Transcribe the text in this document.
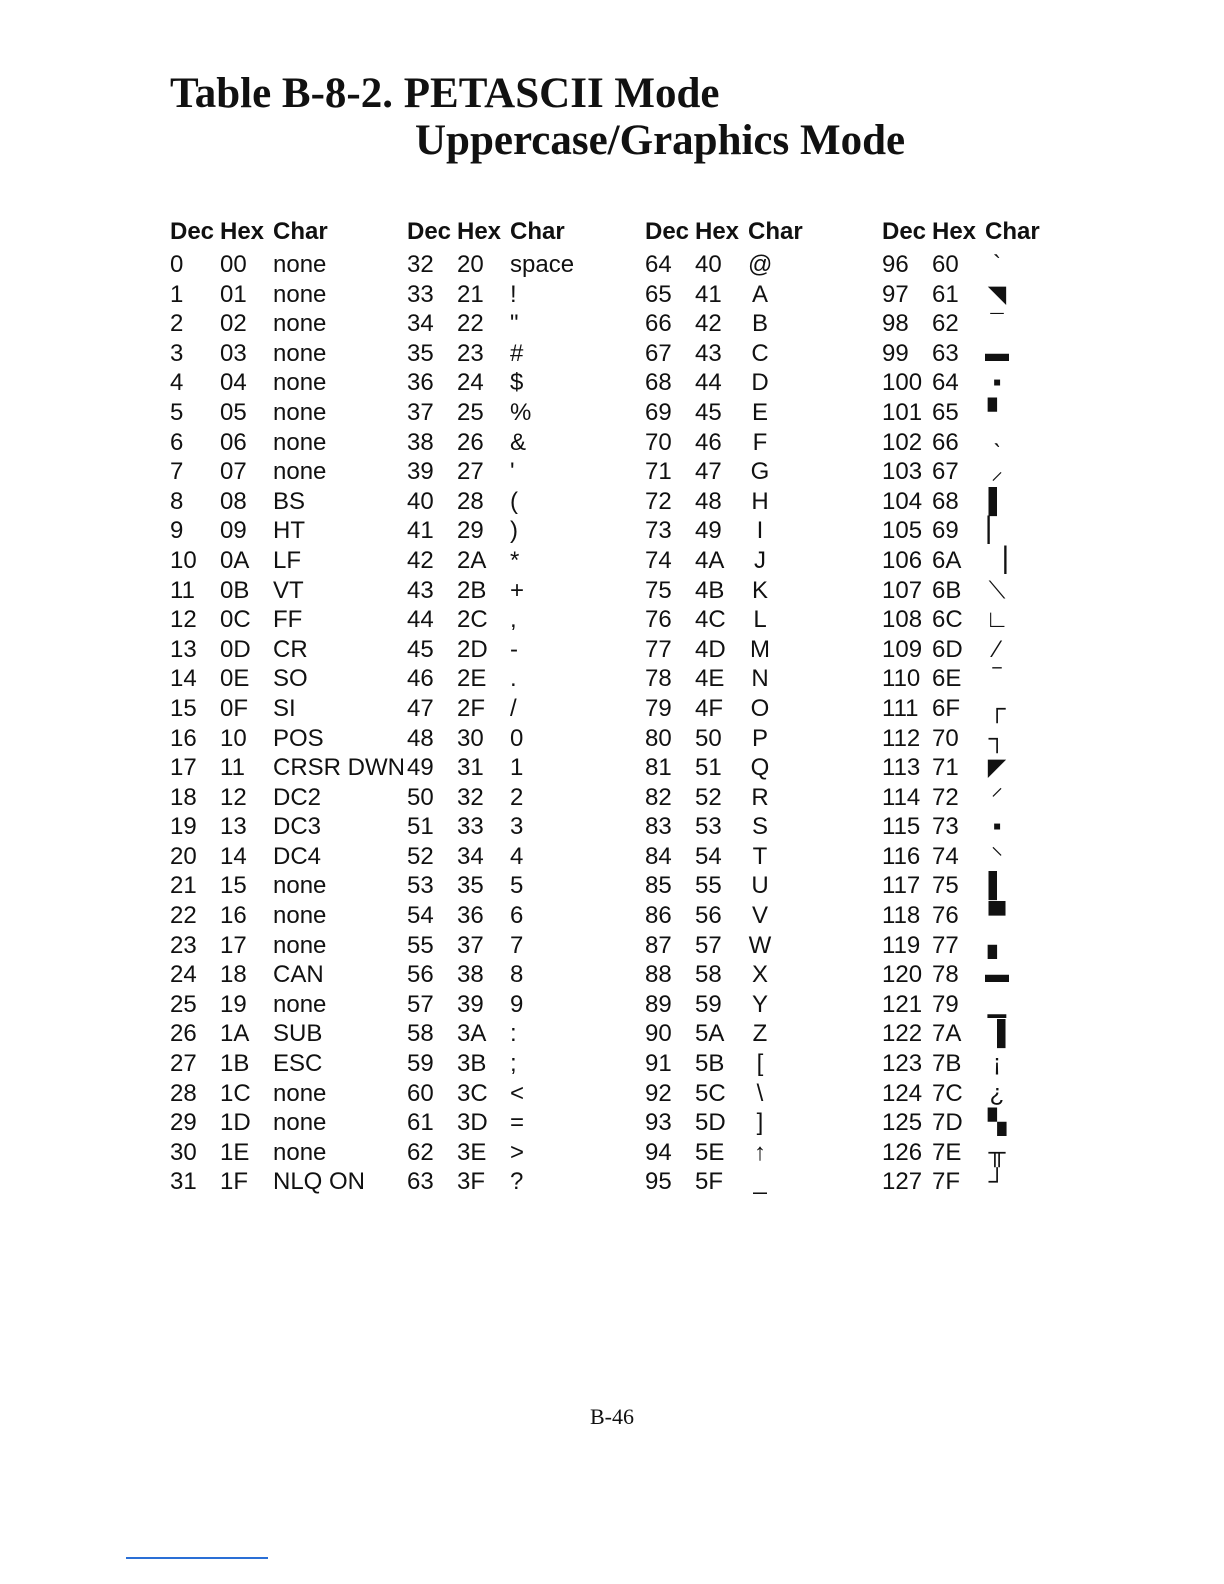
Table B-8-2. PETASCII Mode
Uppercase/Graphics Mode
Dec Hex Char
0 00 none
1 01 none
2 02 none
3 03 none
4 04 none
5 05 none
6 06 none
7 07 none
8 08 BS
9 09 HT
10 0A LF
11 0B VT
12 0C FF
13 0D CR
14 0E SO
15 0F SI
16 10 POS
17 11 CRSR DWN
18 12 DC2
19 13 DC3
20 14 DC4
21 15 none
22 16 none
23 17 none
24 18 CAN
25 19 none
26 1A SUB
27 1B ESC
28 1C none
29 1D none
30 1E none
31 1F NLQ ON
Dec Hex Char
32 20 space
33 21 !
34 22 "
35 23 #
36 24 $
37 25 %
38 26 &
39 27 '
40 28 (
41 29 )
42 2A *
43 2B +
44 2C ,
45 2D -
46 2E .
47 2F /
48 30 0
49 31 1
50 32 2
51 33 3
52 34 4
53 35 5
54 36 6
55 37 7
56 38 8
57 39 9
58 3A :
59 3B ;
60 3C <
61 3D =
62 3E >
63 3F ?
Dec Hex Char
64 40 @
65 41 A
66 42 B
67 43 C
68 44 D
69 45 E
70 46 F
71 47 G
72 48 H
73 49 I
74 4A J
75 4B K
76 4C L
77 4D M
78 4E N
79 4F O
80 50 P
81 51 Q
82 52 R
83 53 S
84 54 T
85 55 U
86 56 V
87 57 W
88 58 X
89 59 Y
90 5A Z
91 5B [
92 5C \
93 5D ]
94 5E ↑
95 5F _
Dec Hex Char
96 60 `
97 61 ◥
98 62 ¯
99 63 ▬
100 64 ▪
101 65 ▘
102 66 ˴
103 67 ⸝
104 68 ▌
105 69 ▏
106 6A ▕
107 6B ⟍
108 6C ∟
109 6D ⁄
110 6E ‾
111 6F ┌
112 70 ┐
113 71 ◤
114 72 ⸍
115 73 ▪
116 74 ⸌
117 75 ▌
118 76 ▀
119 77 ▖
120 78 ▬
121 79 ▁
122 7A ▐
123 7B ¡
124 7C ¿
125 7D ▚
126 7E ╥
127 7F ┘
B-46
